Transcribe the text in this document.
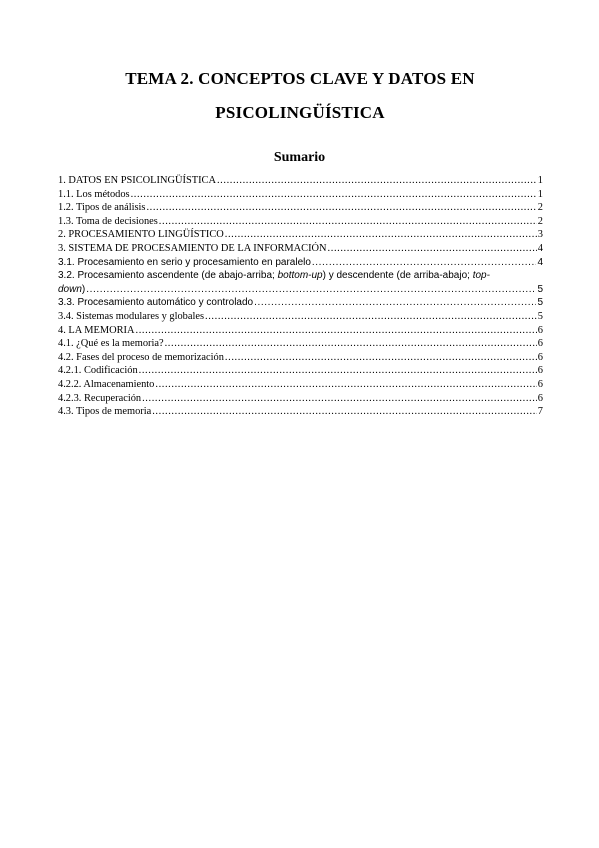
TEMA 2. CONCEPTOS CLAVE Y DATOS EN
PSICOLINGÜÍSTICA
Sumario
1. DATOS EN PSICOLINGÜÍSTICA .....	1
1.1. Los métodos .....	1
1.2. Tipos de análisis .....	2
1.3. Toma de decisiones .....	2
2. PROCESAMIENTO LINGÜÍSTICO .....	3
3. SISTEMA DE PROCESAMIENTO DE LA INFORMACIÓN .....	4
3.1. Procesamiento en serio y procesamiento en paralelo .....	4
3.2. Procesamiento ascendente (de abajo-arriba; bottom-up) y descendente (de arriba-abajo; top-
down) .....	5
3.3. Procesamiento automático y controlado .....	5
3.4. Sistemas modulares y globales .....	5
4. LA MEMORIA .....	6
4.1. ¿Qué es la memoria? .....	6
4.2. Fases del proceso de memorización .....	6
4.2.1. Codificación .....	6
4.2.2. Almacenamiento .....	6
4.2.3. Recuperación .....	6
4.3. Tipos de memoria .....	7
